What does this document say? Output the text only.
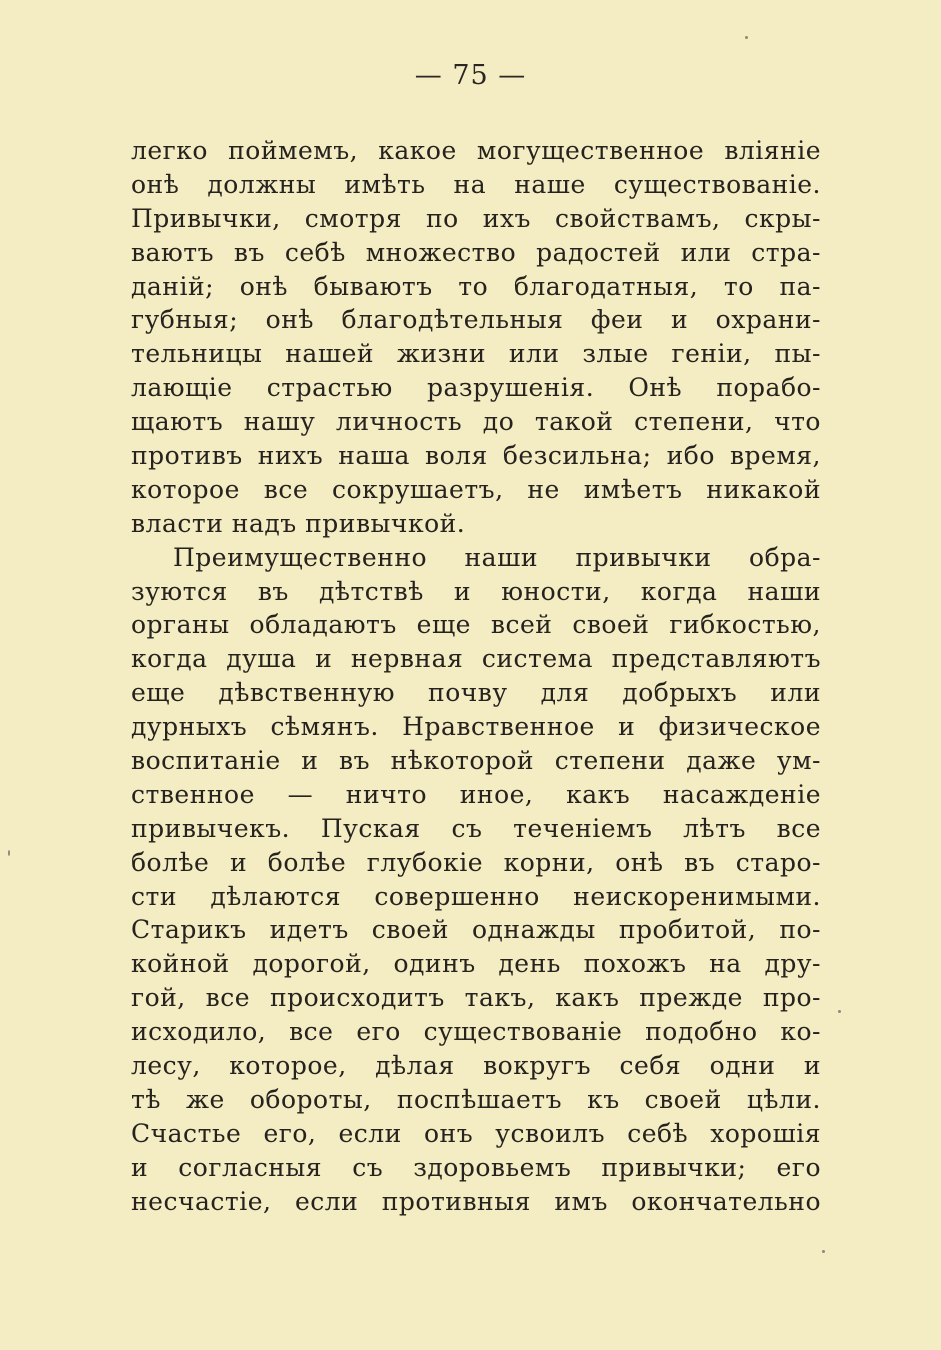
— 75 —
легко поймемъ, какое могущественное влiянiе
онѣ должны имѣть на наше существованiе.
Привычки, смотря по ихъ свойствамъ, скры-
ваютъ въ себѣ множество радостей или стра-
данiй; онѣ бываютъ то благодатныя, то па-
губныя; онѣ благодѣтельныя феи и охрани-
тельницы нашей жизни или злые генiи, пы-
лающiе страстью разрушенiя. Онѣ порабо-
щаютъ нашу личность до такой степени, что
противъ нихъ наша воля безсильна; ибо время,
которое все сокрушаетъ, не имѣетъ никакой
власти надъ привычкой.
Преимущественно наши привычки обра-
зуются въ дѣтствѣ и юности, когда наши
органы обладаютъ еще всей своей гибкостью,
когда душа и нервная система представляютъ
еще дѣвственную почву для добрыхъ или
дурныхъ сѣмянъ. Нравственное и физическое
воспитанiе и въ нѣкоторой степени даже ум-
ственное — ничто иное, какъ насажденiе
привычекъ. Пуская съ теченiемъ лѣтъ все
болѣе и болѣе глубокiе корни, онѣ въ старо-
сти дѣлаются совершенно неискоренимыми.
Старикъ идетъ своей однажды пробитой, по-
койной дорогой, одинъ день похожъ на дру-
гой, все происходитъ такъ, какъ прежде про-
исходило, все его существованiе подобно ко-
лесу, которое, дѣлая вокругъ себя одни и
тѣ же обороты, поспѣшаетъ къ своей цѣли.
Счастье его, если онъ усвоилъ себѣ хорошiя
и согласныя съ здоровьемъ привычки; его
несчастiе, если противныя имъ окончательно
